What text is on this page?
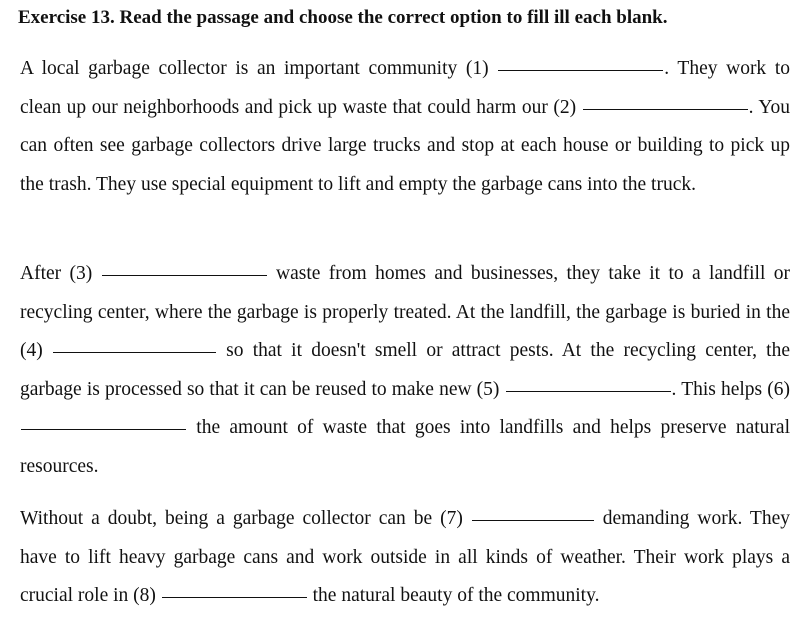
Exercise 13. Read the passage and choose the correct option to fill ill each blank.
A local garbage collector is an important community (1)	. They work to clean up our neighborhoods and pick up waste that could harm our (2)	. You can often see garbage collectors drive large trucks and stop at each house or building to pick up the trash. They use special equipment to lift and empty the garbage cans into the truck.
After (3)	waste from homes and businesses, they take it to a landfill or recycling center, where the garbage is properly treated. At the landfill, the garbage is buried in the (4)	so that it doesn't smell or attract pests. At the recycling center, the garbage is processed so that it can be reused to make new (5)	. This helps (6)  the amount of waste that goes into landfills and helps preserve natural resources.
Without a doubt, being a garbage collector can be (7)	demanding work. They have to lift heavy garbage cans and work outside in all kinds of weather. Their work plays a crucial role in (8)	the natural beauty of the community.
